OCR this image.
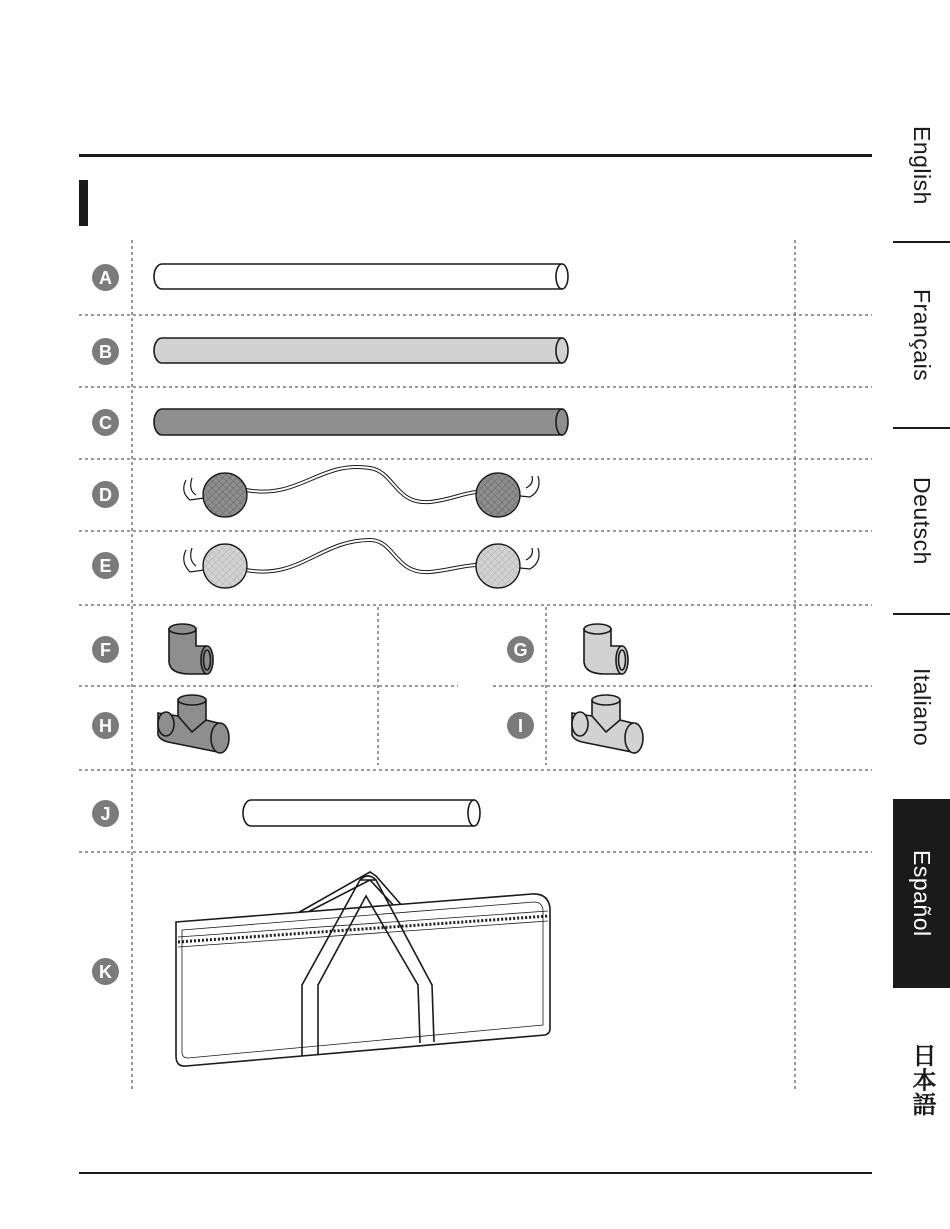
A
B
C
D
E
F	G
H	I
J
K
English
Français
Deutsch
Italiano
Español
日本語
